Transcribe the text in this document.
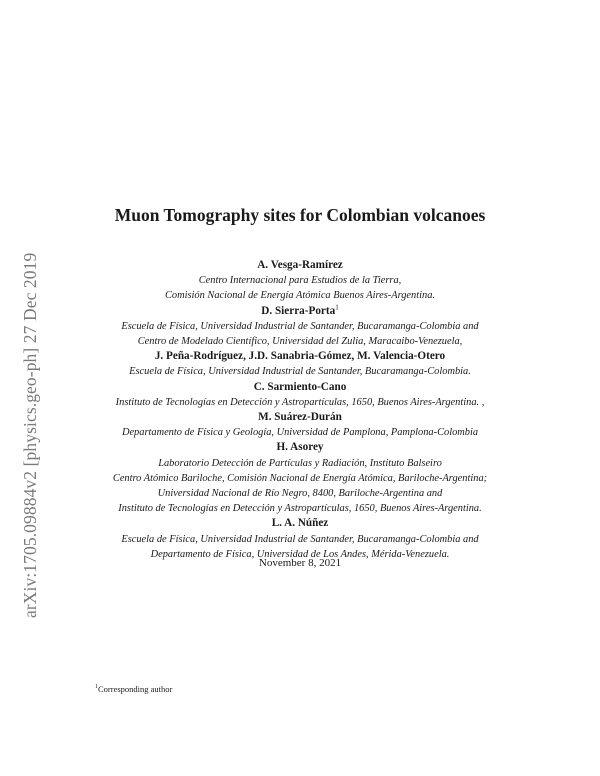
arXiv:1705.09884v2 [physics.geo-ph] 27 Dec 2019
Muon Tomography sites for Colombian volcanoes
A. Vesga-Ramírez
Centro Internacional para Estudios de la Tierra,
Comisión Nacional de Energía Atómica Buenos Aires-Argentina.
D. Sierra-Porta$^1$
Escuela de Física, Universidad Industrial de Santander, Bucaramanga-Colombia and
Centro de Modelado Científico, Universidad del Zulia, Maracaibo-Venezuela,
J. Peña-Rodríguez, J.D. Sanabria-Gómez, M. Valencia-Otero
Escuela de Física, Universidad Industrial de Santander, Bucaramanga-Colombia.
C. Sarmiento-Cano
Instituto de Tecnologías en Detección y Astropartículas, 1650, Buenos Aires-Argentina. ,
M. Suárez-Durán
Departamento de Física y Geología, Universidad de Pamplona, Pamplona-Colombia
H. Asorey
Laboratorio Detección de Partículas y Radiación, Instituto Balseiro
Centro Atómico Bariloche, Comisión Nacional de Energía Atómica, Bariloche-Argentina;
Universidad Nacional de Río Negro, 8400, Bariloche-Argentina and
Instituto de Tecnologías en Detección y Astropartículas, 1650, Buenos Aires-Argentina.
L. A. Núñez
Escuela de Física, Universidad Industrial de Santander, Bucaramanga-Colombia and
Departamento de Física, Universidad de Los Andes, Mérida-Venezuela.
November 8, 2021
$^1$Corresponding author
